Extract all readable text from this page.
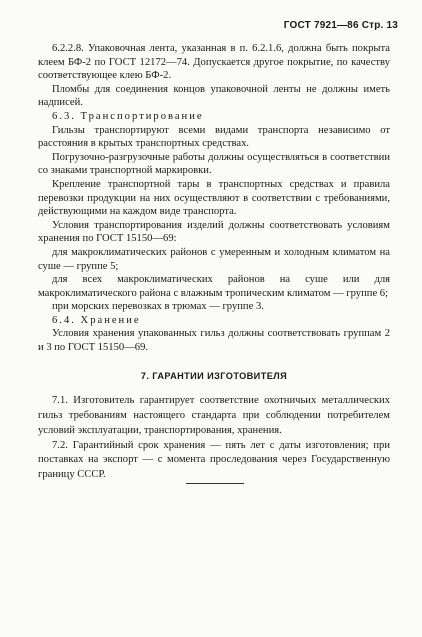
ГОСТ 7921—86 Стр. 13

6.2.2.8. Упаковочная лента, указанная в п. 6.2.1.6, должна быть покрыта клеем БФ-2 по ГОСТ 12172—74. Допускается другое покрытие, по качеству соответствующее клею БФ-2.

Пломбы для соединения концов упаковочной ленты не должны иметь надписей.

6.3. Транспортирование

Гильзы транспортируют всеми видами транспорта независимо от расстояния в крытых транспортных средствах.

Погрузочно-разгрузочные работы должны осуществляться в соответствии со знаками транспортной маркировки.

Крепление транспортной тары в транспортных средствах и правила перевозки продукции на них осуществляют в соответствии с требованиями, действующими на каждом виде транспорта.

Условия транспортирования изделий должны соответствовать условиям хранения по ГОСТ 15150—69:

для макроклиматических районов с умеренным и холодным климатом на суше — группе 5;

для всех макроклиматических районов на суше или для макроклиматического района с влажным тропическим климатом — группе 6;

при морских перевозках в трюмах — группе 3.

6.4. Хранение

Условия хранения упакованных гильз должны соответствовать группам 2 и 3 по ГОСТ 15150—69.

7. ГАРАНТИИ ИЗГОТОВИТЕЛЯ

7.1. Изготовитель гарантирует соответствие охотничьих металлических гильз требованиям настоящего стандарта при соблюдении потребителем условий эксплуатации, транспортирования, хранения.

7.2. Гарантийный срок хранения — пять лет с даты изготовления; при поставках на экспорт — с момента проследования через Государственную границу СССР.
